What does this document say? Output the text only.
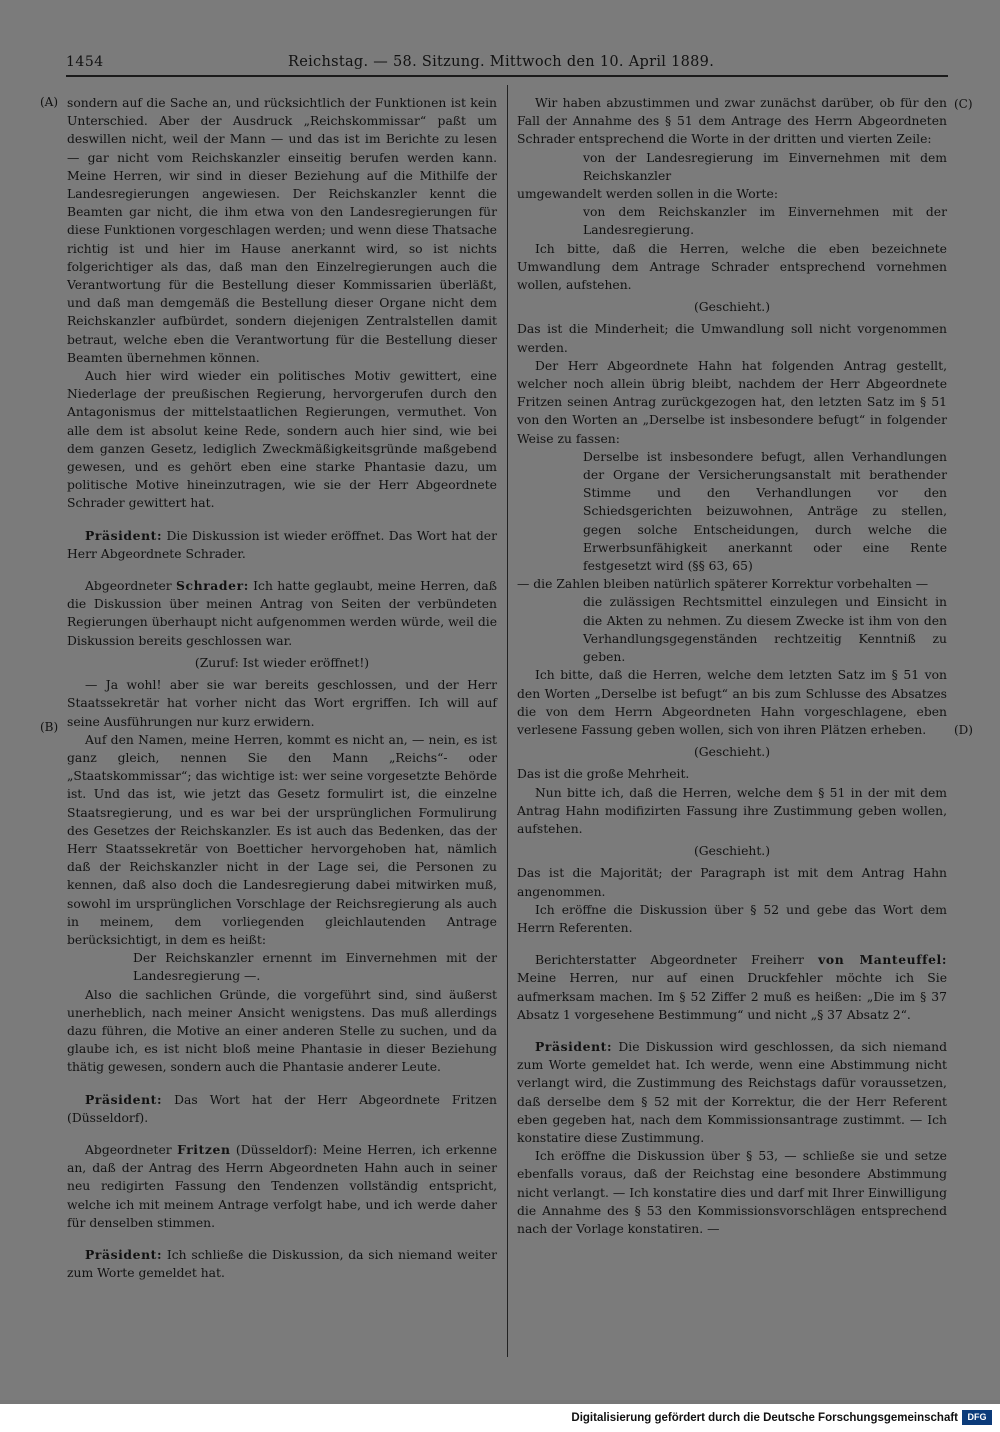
1454	Reichstag. — 58. Sitzung. Mittwoch den 10. April 1889.
(A)
(B)
(C)
(D)

sondern auf die Sache an, und rücksichtlich der Funktionen ist kein Unterschied. Aber der Ausdruck „Reichskommissar“ paßt um deswillen nicht, weil der Mann — und das ist im Berichte zu lesen — gar nicht vom Reichskanzler einseitig berufen werden kann. Meine Herren, wir sind in dieser Beziehung auf die Mithilfe der Landesregierungen angewiesen. Der Reichskanzler kennt die Beamten gar nicht, die ihm etwa von den Landesregierungen für diese Funktionen vorgeschlagen werden; und wenn diese Thatsache richtig ist und hier im Hause anerkannt wird, so ist nichts folgerichtiger als das, daß man den Einzelregierungen auch die Verantwortung für die Bestellung dieser Kommissarien überläßt, und daß man demgemäß die Bestellung dieser Organe nicht dem Reichskanzler aufbürdet, sondern diejenigen Zentralstellen damit betraut, welche eben die Verantwortung für die Bestellung dieser Beamten übernehmen können.

Auch hier wird wieder ein politisches Motiv gewittert, eine Niederlage der preußischen Regierung, hervorgerufen durch den Antagonismus der mittelstaatlichen Regierungen, vermuthet. Von alle dem ist absolut keine Rede, sondern auch hier sind, wie bei dem ganzen Gesetz, lediglich Zweckmäßigkeitsgründe maßgebend gewesen, und es gehört eben eine starke Phantasie dazu, um politische Motive hineinzutragen, wie sie der Herr Abgeordnete Schrader gewittert hat.

Präsident: Die Diskussion ist wieder eröffnet. Das Wort hat der Herr Abgeordnete Schrader.

Abgeordneter Schrader: Ich hatte geglaubt, meine Herren, daß die Diskussion über meinen Antrag von Seiten der verbündeten Regierungen überhaupt nicht aufgenommen werden würde, weil die Diskussion bereits geschlossen war.

(Zuruf: Ist wieder eröffnet!)

— Ja wohl! aber sie war bereits geschlossen, und der Herr Staatssekretär hat vorher nicht das Wort ergriffen. Ich will auf seine Ausführungen nur kurz erwidern.

Auf den Namen, meine Herren, kommt es nicht an, — nein, es ist ganz gleich, nennen Sie den Mann „Reichs“- oder „Staatskommissar“; das wichtige ist: wer seine vorgesetzte Behörde ist. Und das ist, wie jetzt das Gesetz formulirt ist, die einzelne Staatsregierung, und es war bei der ursprünglichen Formulirung des Gesetzes der Reichskanzler. Es ist auch das Bedenken, das der Herr Staatssekretär von Boetticher hervorgehoben hat, nämlich daß der Reichskanzler nicht in der Lage sei, die Personen zu kennen, daß also doch die Landesregierung dabei mitwirken muß, sowohl im ursprünglichen Vorschlage der Reichsregierung als auch in meinem, dem vorliegenden gleichlautenden Antrage berücksichtigt, in dem es heißt:

Der Reichskanzler ernennt im Einvernehmen mit der Landesregierung —.

Also die sachlichen Gründe, die vorgeführt sind, sind äußerst unerheblich, nach meiner Ansicht wenigstens. Das muß allerdings dazu führen, die Motive an einer anderen Stelle zu suchen, und da glaube ich, es ist nicht bloß meine Phantasie in dieser Beziehung thätig gewesen, sondern auch die Phantasie anderer Leute.

Präsident: Das Wort hat der Herr Abgeordnete Fritzen (Düsseldorf).

Abgeordneter Fritzen (Düsseldorf): Meine Herren, ich erkenne an, daß der Antrag des Herrn Abgeordneten Hahn auch in seiner neu redigirten Fassung den Tendenzen vollständig entspricht, welche ich mit meinem Antrage verfolgt habe, und ich werde daher für denselben stimmen.

Präsident: Ich schließe die Diskussion, da sich niemand weiter zum Worte gemeldet hat.

Wir haben abzustimmen und zwar zunächst darüber, ob für den Fall der Annahme des § 51 dem Antrage des Herrn Abgeordneten Schrader entsprechend die Worte in der dritten und vierten Zeile:

von der Landesregierung im Einvernehmen mit dem Reichskanzler

umgewandelt werden sollen in die Worte:

von dem Reichskanzler im Einvernehmen mit der Landesregierung.

Ich bitte, daß die Herren, welche die eben bezeichnete Umwandlung dem Antrage Schrader entsprechend vornehmen wollen, aufstehen.

(Geschieht.)

Das ist die Minderheit; die Umwandlung soll nicht vorgenommen werden.

Der Herr Abgeordnete Hahn hat folgenden Antrag gestellt, welcher noch allein übrig bleibt, nachdem der Herr Abgeordnete Fritzen seinen Antrag zurückgezogen hat, den letzten Satz im § 51 von den Worten an „Derselbe ist insbesondere befugt“ in folgender Weise zu fassen:

Derselbe ist insbesondere befugt, allen Verhandlungen der Organe der Versicherungsanstalt mit berathender Stimme und den Verhandlungen vor den Schiedsgerichten beizuwohnen, Anträge zu stellen, gegen solche Entscheidungen, durch welche die Erwerbsunfähigkeit anerkannt oder eine Rente festgesetzt wird (§§ 63, 65)

— die Zahlen bleiben natürlich späterer Korrektur vorbehalten —

die zulässigen Rechtsmittel einzulegen und Einsicht in die Akten zu nehmen. Zu diesem Zwecke ist ihm von den Verhandlungsgegenständen rechtzeitig Kenntniß zu geben.

Ich bitte, daß die Herren, welche dem letzten Satz im § 51 von den Worten „Derselbe ist befugt“ an bis zum Schlusse des Absatzes die von dem Herrn Abgeordneten Hahn vorgeschlagene, eben verlesene Fassung geben wollen, sich von ihren Plätzen erheben.

(Geschieht.)

Das ist die große Mehrheit.

Nun bitte ich, daß die Herren, welche dem § 51 in der mit dem Antrag Hahn modifizirten Fassung ihre Zustimmung geben wollen, aufstehen.

(Geschieht.)

Das ist die Majorität; der Paragraph ist mit dem Antrag Hahn angenommen.

Ich eröffne die Diskussion über § 52 und gebe das Wort dem Herrn Referenten.

Berichterstatter Abgeordneter Freiherr von Manteuffel: Meine Herren, nur auf einen Druckfehler möchte ich Sie aufmerksam machen. Im § 52 Ziffer 2 muß es heißen: „Die im § 37 Absatz 1 vorgesehene Bestimmung“ und nicht „§ 37 Absatz 2“.

Präsident: Die Diskussion wird geschlossen, da sich niemand zum Worte gemeldet hat. Ich werde, wenn eine Abstimmung nicht verlangt wird, die Zustimmung des Reichstags dafür voraussetzen, daß derselbe dem § 52 mit der Korrektur, die der Herr Referent eben gegeben hat, nach dem Kommissionsantrage zustimmt. — Ich konstatire diese Zustimmung.

Ich eröffne die Diskussion über § 53, — schließe sie und setze ebenfalls voraus, daß der Reichstag eine besondere Abstimmung nicht verlangt. — Ich konstatire dies und darf mit Ihrer Einwilligung die Annahme des § 53 den Kommissionsvorschlägen entsprechend nach der Vorlage konstatiren. —

Digitalisierung gefördert durch die Deutsche Forschungsgemeinschaft	DFG
